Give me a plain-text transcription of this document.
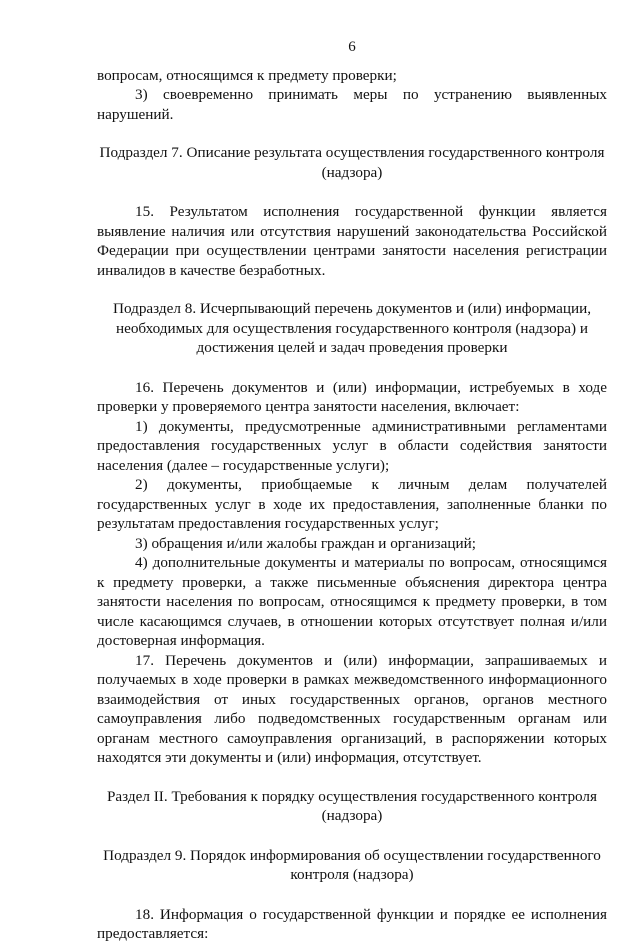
6

вопросам, относящимся к предмету проверки;

3) своевременно принимать меры по устранению выявленных нарушений.

Подраздел 7. Описание результата осуществления государственного контроля (надзора)

15. Результатом исполнения государственной функции является выявление наличия или отсутствия нарушений законодательства Российской Федерации при осуществлении центрами занятости населения регистрации инвалидов в качестве безработных.

Подраздел 8. Исчерпывающий перечень документов и (или) информации, необходимых для осуществления государственного контроля (надзора) и достижения целей и задач проведения проверки

16. Перечень документов и (или) информации, истребуемых в ходе проверки у проверяемого центра занятости населения, включает:

1) документы, предусмотренные административными регламентами предоставления государственных услуг в области содействия занятости населения (далее – государственные услуги);

2) документы, приобщаемые к личным делам получателей государственных услуг в ходе их предоставления, заполненные бланки по результатам предоставления государственных услуг;

3) обращения и/или жалобы граждан и организаций;

4) дополнительные документы и материалы по вопросам, относящимся к предмету проверки, а также письменные объяснения директора центра занятости населения по вопросам, относящимся к предмету проверки, в том числе касающимся случаев, в отношении которых отсутствует полная и/или достоверная информация.

17. Перечень документов и (или) информации, запрашиваемых и получаемых в ходе проверки в рамках межведомственного информационного взаимодействия от иных государственных органов, органов местного самоуправления либо подведомственных государственным органам или органам местного самоуправления организаций, в распоряжении которых находятся эти документы и (или) информация, отсутствует.

Раздел II. Требования к порядку осуществления государственного контроля (надзора)

Подраздел 9. Порядок информирования об осуществлении государственного контроля (надзора)

18. Информация о государственной функции и порядке ее исполнения предоставляется:
